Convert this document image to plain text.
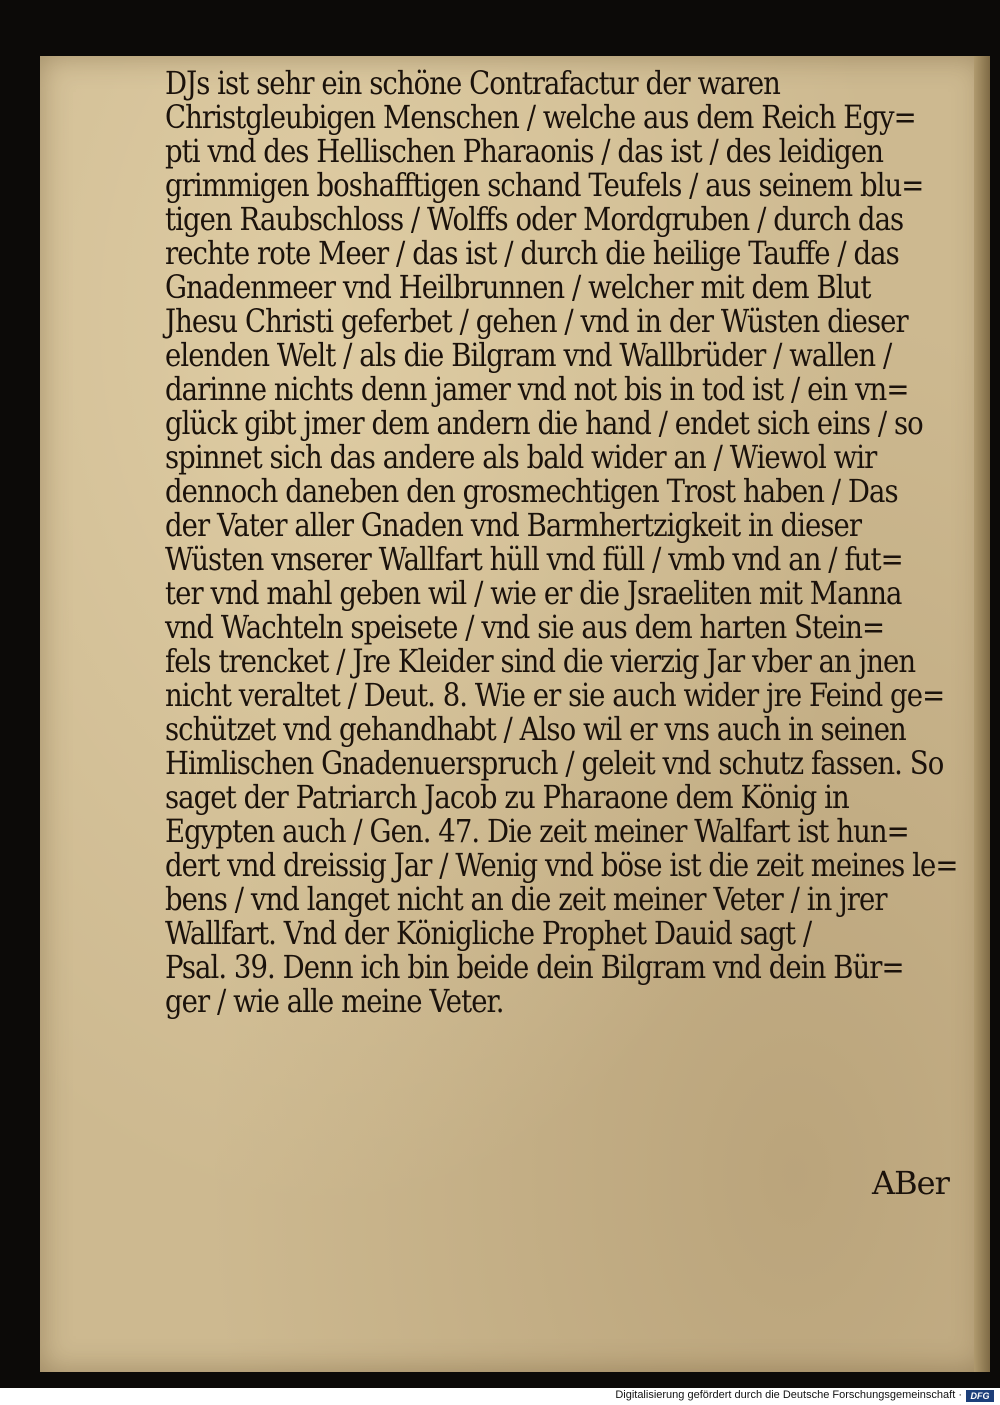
DJs ist sehr ein schöne Contrafactur der waren
Christgleubigen Menschen / welche aus dem Reich Egy=
pti vnd des Hellischen Pharaonis / das ist / des leidigen
grimmigen boshafftigen schand Teufels / aus seinem blu=
tigen Raubschloss / Wolffs oder Mordgruben / durch das
rechte rote Meer / das ist / durch die heilige Tauffe / das
Gnadenmeer vnd Heilbrunnen / welcher mit dem Blut
Jhesu Christi geferbet / gehen / vnd in der Wüsten dieser
elenden Welt / als die Bilgram vnd Wallbrüder / wallen /
darinne nichts denn jamer vnd not bis in tod ist / ein vn=
glück gibt jmer dem andern die hand / endet sich eins / so
spinnet sich das andere als bald wider an / Wiewol wir
dennoch daneben den grosmechtigen Trost haben / Das
der Vater aller Gnaden vnd Barmhertzigkeit in dieser
Wüsten vnserer Wallfart hüll vnd füll / vmb vnd an / fut=
ter vnd mahl geben wil / wie er die Jsraeliten mit Manna
vnd Wachteln speisete / vnd sie aus dem harten Stein=
fels trencket / Jre Kleider sind die vierzig Jar vber an jnen
nicht veraltet / Deut. 8. Wie er sie auch wider jre Feind ge=
schützet vnd gehandhabt / Also wil er vns auch in seinen
Himlischen Gnadenuerspruch / geleit vnd schutz fassen. So
saget der Patriarch Jacob zu Pharaone dem König in
Egypten auch / Gen. 47. Die zeit meiner Walfart ist hun=
dert vnd dreissig Jar / Wenig vnd böse ist die zeit meines le=
bens / vnd langet nicht an die zeit meiner Veter / in jrer
Wallfart. Vnd der Königliche Prophet Dauid sagt /
Psal. 39. Denn ich bin beide dein Bilgram vnd dein Bür=
ger / wie alle meine Veter.
ABer
Digitalisierung gefördert durch die Deutsche Forschungsgemeinschaft · DFG
